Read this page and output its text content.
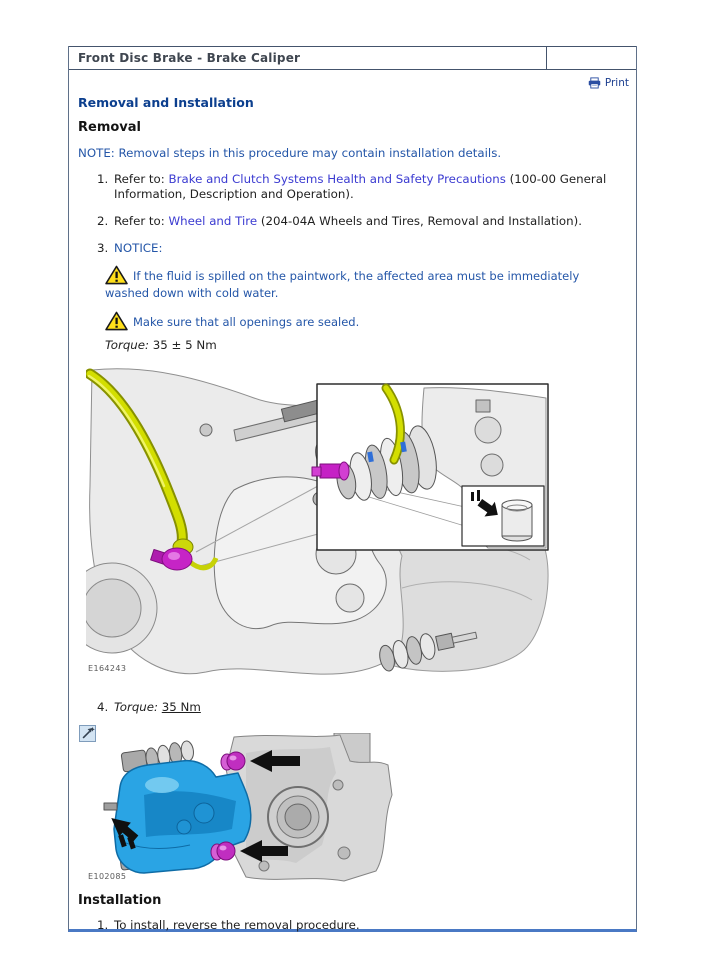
Front Disc Brake - Brake Caliper
Print
Removal and Installation
Removal
NOTE: Removal steps in this procedure may contain installation details.
1. Refer to: Brake and Clutch Systems Health and Safety Precautions (100-00 General Information, Description and Operation).
2. Refer to: Wheel and Tire (204-04A Wheels and Tires, Removal and Installation).
3. NOTICE:
If the fluid is spilled on the paintwork, the affected area must be immediately washed down with cold water.
Make sure that all openings are sealed.
Torque: 35 ± 5 Nm
E164243
4. Torque: 35 Nm
E102085
Installation
1. To install, reverse the removal procedure.
